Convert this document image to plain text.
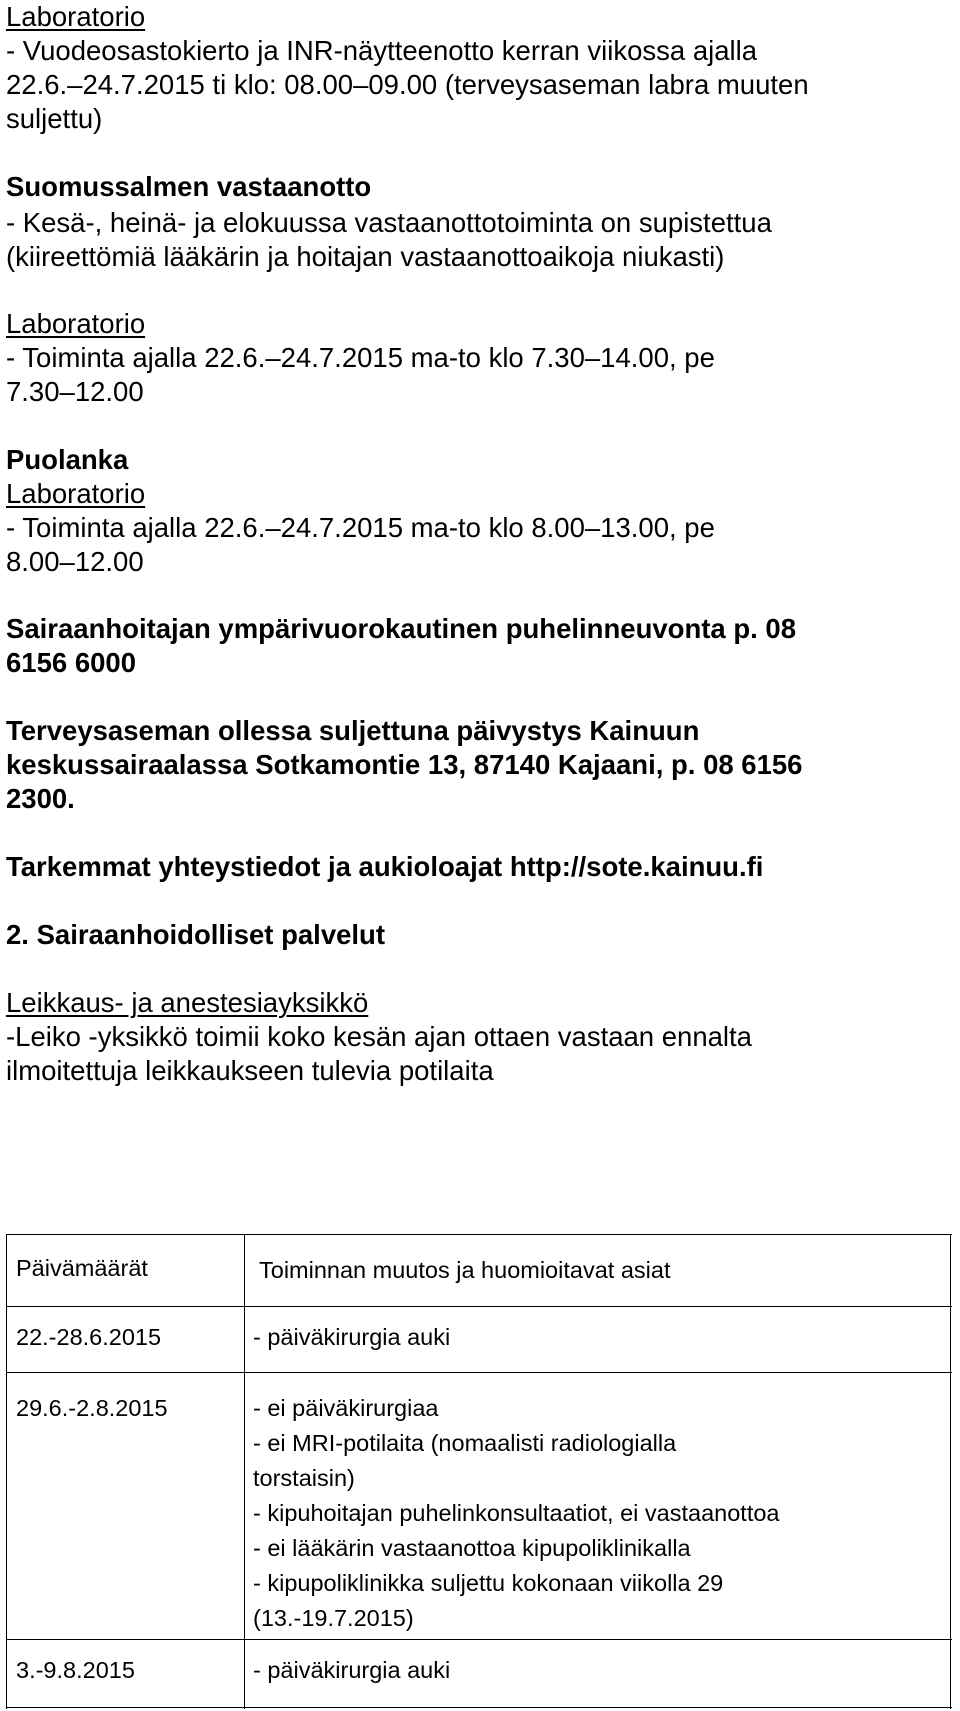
Laboratorio
- Vuodeosastokierto ja INR-näytteenotto kerran viikossa ajalla
22.6.–24.7.2015 ti klo: 08.00–09.00 (terveysaseman labra muuten
suljettu)
Suomussalmen vastaanotto
- Kesä-, heinä- ja elokuussa vastaanottotoiminta on supistettua
(kiireettömiä lääkärin ja hoitajan vastaanottoaikoja niukasti)
Laboratorio
- Toiminta ajalla 22.6.–24.7.2015 ma-to klo 7.30–14.00, pe
7.30–12.00
Puolanka
Laboratorio
- Toiminta ajalla 22.6.–24.7.2015 ma-to klo 8.00–13.00, pe
8.00–12.00
Sairaanhoitajan ympärivuorokautinen puhelinneuvonta p. 08
6156 6000
Terveysaseman ollessa suljettuna päivystys Kainuun
keskussairaalassa Sotkamontie 13, 87140 Kajaani, p. 08 6156
2300.
Tarkemmat yhteystiedot ja aukioloajat http://sote.kainuu.fi
2. Sairaanhoidolliset palvelut
Leikkaus- ja anestesiayksikkö
-Leiko -yksikkö toimii koko kesän ajan ottaen vastaan ennalta
ilmoitettuja leikkaukseen tulevia potilaita
Päivämäärät	Toiminnan muutos ja huomioitavat asiat
22.-28.6.2015	- päiväkirurgia auki
29.6.-2.8.2015	- ei päiväkirurgiaa
- ei MRI-potilaita (nomaalisti radiologialla
torstaisin)
- kipuhoitajan puhelinkonsultaatiot, ei vastaanottoa
- ei lääkärin vastaanottoa kipupoliklinikalla
- kipupoliklinikka suljettu kokonaan viikolla 29
(13.-19.7.2015)
3.-9.8.2015	- päiväkirurgia auki
